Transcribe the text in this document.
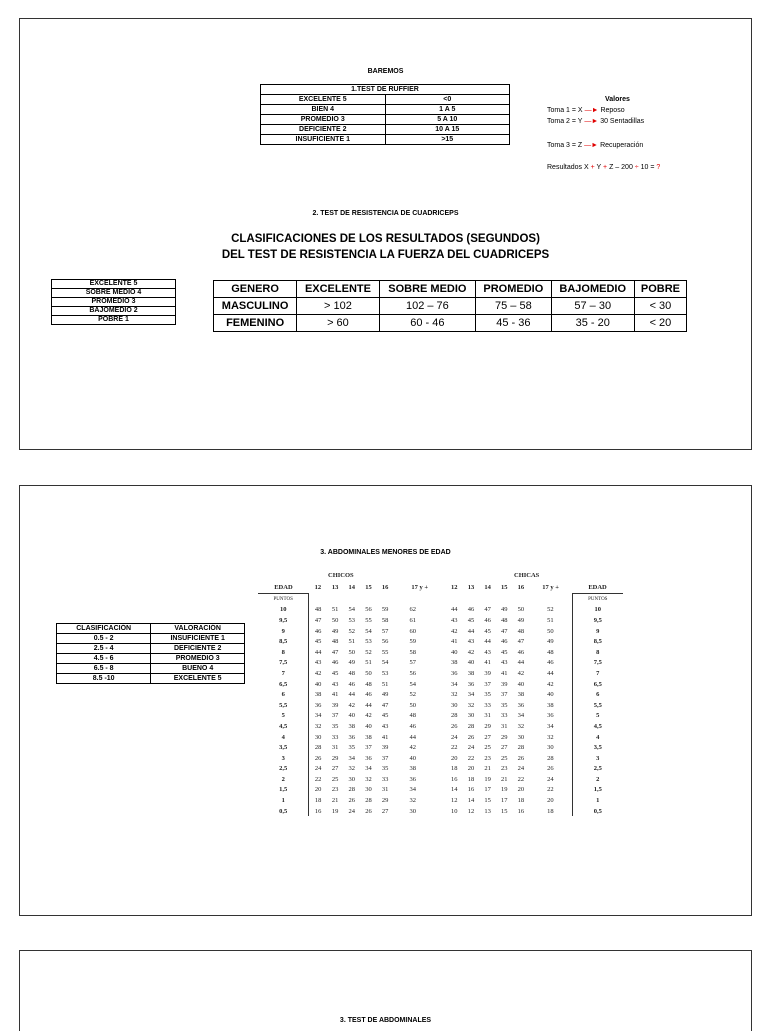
BAREMOS
1.TEST DE RUFFIER	
EXCELENTE 5	<0
BIEN 4	1 A 5
PROMEDIO 3	5 A 10
DEFICIENTE 2	10 A 15
INSUFICIENTE 1	>15
Valores
Toma 1 = X ―► Reposo
Toma 2 = Y ―► 30 Sentadillas
Toma 3 = Z ―► Recuperación
Resultados X + Y + Z – 200 ÷ 10 = ?
2. TEST DE RESISTENCIA DE CUADRICEPS
CLASIFICACIONES DE LOS RESULTADOS (SEGUNDOS)
DEL TEST DE RESISTENCIA LA FUERZA DEL CUADRICEPS
EXCELENTE 5
SOBRE MEDIO 4
PROMEDIO 3
BAJOMEDIO 2
POBRE 1
GENERO	EXCELENTE	SOBRE MEDIO	PROMEDIO	BAJOMEDIO	POBRE
MASCULINO	> 102	102 – 76	75 – 58	57 – 30	< 30
FEMENINO	> 60	60 - 46	45 - 36	35 - 20	< 20
3. ABDOMINALES MENORES DE EDAD
CLASIFICACIÓN	VALORACIÓN
0.5 - 2	INSUFICIENTE 1
2.5 - 4	DEFICIENTE 2
4.5 - 6	PROMEDIO 3
6.5 - 8	BUENO 4
8.5 -10	EXCELENTE 5
CHICOS	CHICAS
EDAD	12	13	14	15	16	17 y +	12	13	14	15	16	17 y +	EDAD
PUNTOS													PUNTOS
10	48	51	54	56	59	62	44	46	47	49	50	52	10
9,5	47	50	53	55	58	61	43	45	46	48	49	51	9,5
9	46	49	52	54	57	60	42	44	45	47	48	50	9
8,5	45	48	51	53	56	59	41	43	44	46	47	49	8,5
8	44	47	50	52	55	58	40	42	43	45	46	48	8
7,5	43	46	49	51	54	57	38	40	41	43	44	46	7,5
7	42	45	48	50	53	56	36	38	39	41	42	44	7
6,5	40	43	46	48	51	54	34	36	37	39	40	42	6,5
6	38	41	44	46	49	52	32	34	35	37	38	40	6
5,5	36	39	42	44	47	50	30	32	33	35	36	38	5,5
5	34	37	40	42	45	48	28	30	31	33	34	36	5
4,5	32	35	38	40	43	46	26	28	29	31	32	34	4,5
4	30	33	36	38	41	44	24	26	27	29	30	32	4
3,5	28	31	35	37	39	42	22	24	25	27	28	30	3,5
3	26	29	34	36	37	40	20	22	23	25	26	28	3
2,5	24	27	32	34	35	38	18	20	21	23	24	26	2,5
2	22	25	30	32	33	36	16	18	19	21	22	24	2
1,5	20	23	28	30	31	34	14	16	17	19	20	22	1,5
1	18	21	26	28	29	32	12	14	15	17	18	20	1
0,5	16	19	24	26	27	30	10	12	13	15	16	18	0,5
3. TEST DE ABDOMINALES
